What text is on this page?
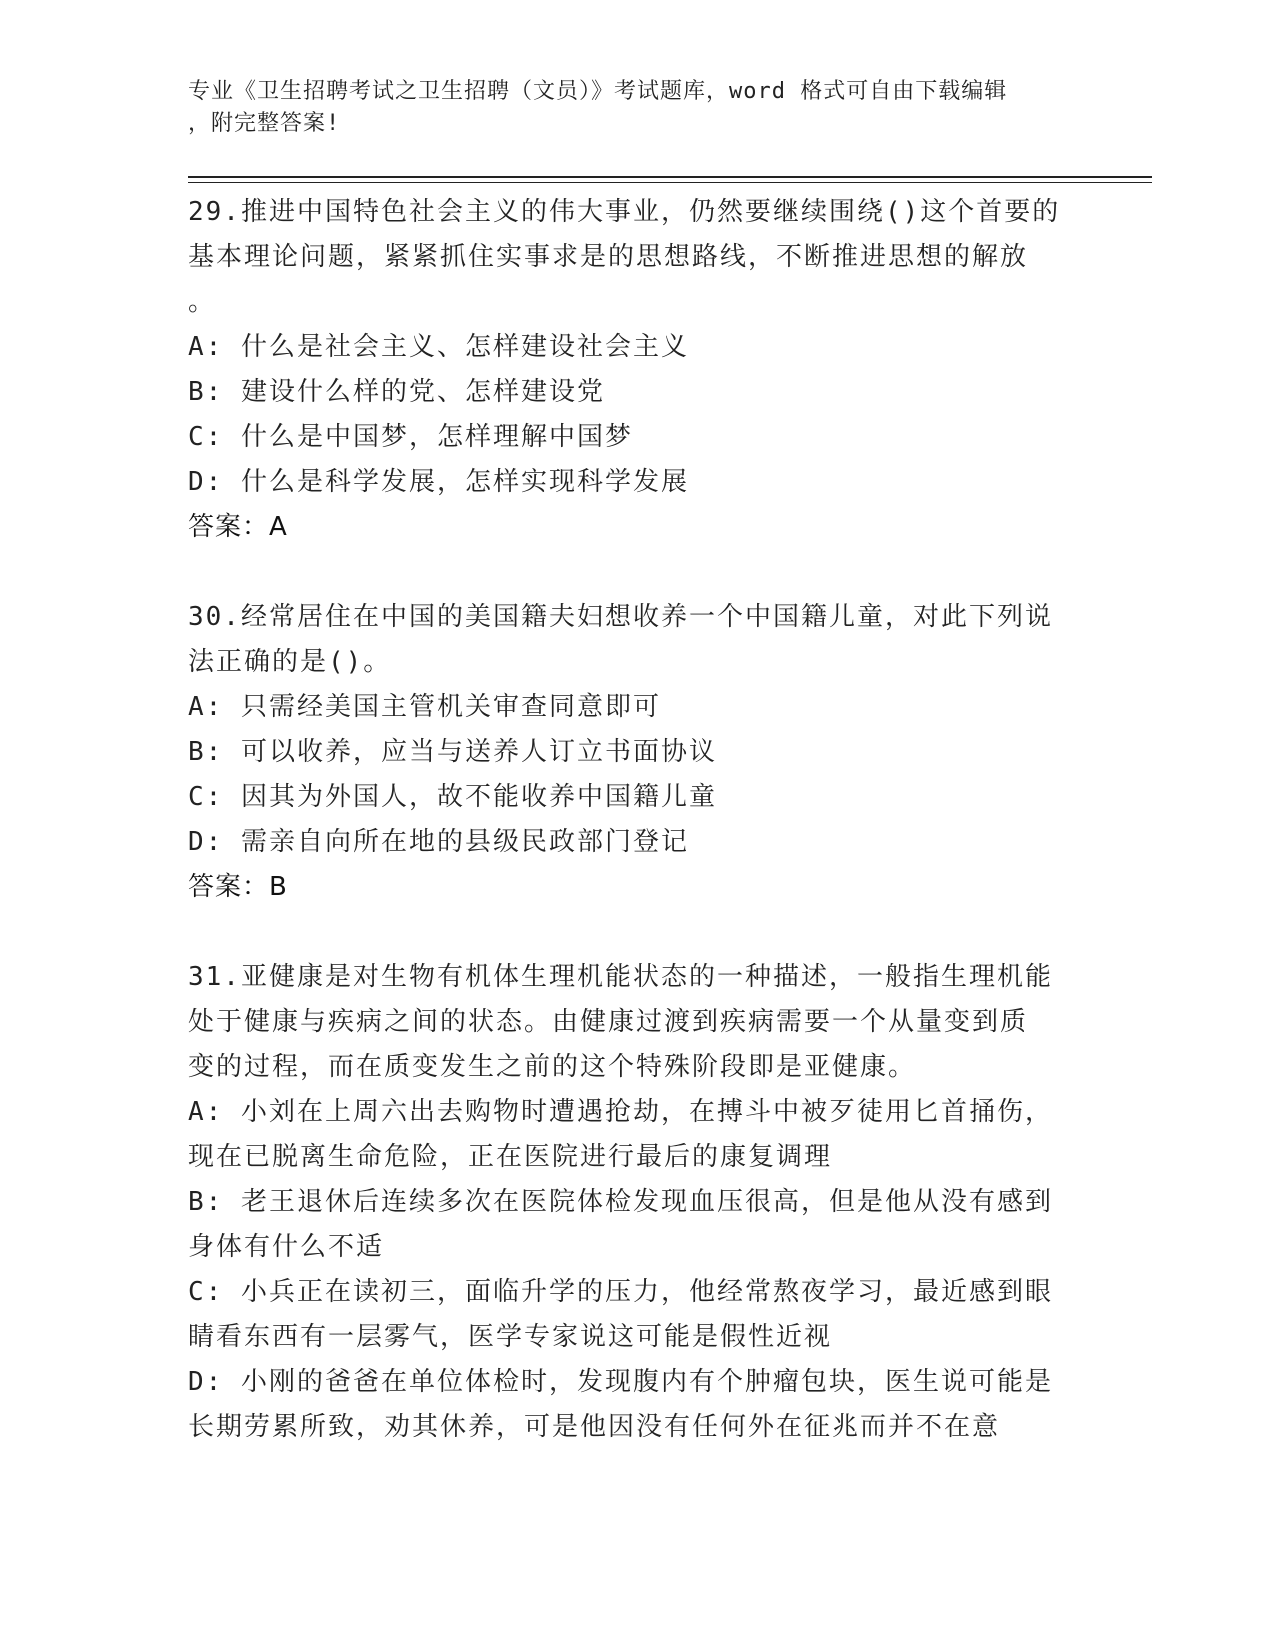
专业《卫生招聘考试之卫生招聘（文员）》考试题库，word 格式可自由下载编辑
，附完整答案!
29.推进中国特色社会主义的伟大事业，仍然要继续围绕()这个首要的
基本理论问题，紧紧抓住实事求是的思想路线，不断推进思想的解放
。
A: 什么是社会主义、怎样建设社会主义
B: 建设什么样的党、怎样建设党
C: 什么是中国梦，怎样理解中国梦
D: 什么是科学发展，怎样实现科学发展
答案：A
30.经常居住在中国的美国籍夫妇想收养一个中国籍儿童，对此下列说
法正确的是()。
A: 只需经美国主管机关审查同意即可
B: 可以收养，应当与送养人订立书面协议
C: 因其为外国人，故不能收养中国籍儿童
D: 需亲自向所在地的县级民政部门登记
答案：B
31.亚健康是对生物有机体生理机能状态的一种描述，一般指生理机能
处于健康与疾病之间的状态。由健康过渡到疾病需要一个从量变到质
变的过程，而在质变发生之前的这个特殊阶段即是亚健康。
A: 小刘在上周六出去购物时遭遇抢劫，在搏斗中被歹徒用匕首捅伤，
现在已脱离生命危险，正在医院进行最后的康复调理
B: 老王退休后连续多次在医院体检发现血压很高，但是他从没有感到
身体有什么不适
C: 小兵正在读初三，面临升学的压力，他经常熬夜学习，最近感到眼
睛看东西有一层雾气，医学专家说这可能是假性近视
D: 小刚的爸爸在单位体检时，发现腹内有个肿瘤包块，医生说可能是
长期劳累所致，劝其休养，可是他因没有任何外在征兆而并不在意
